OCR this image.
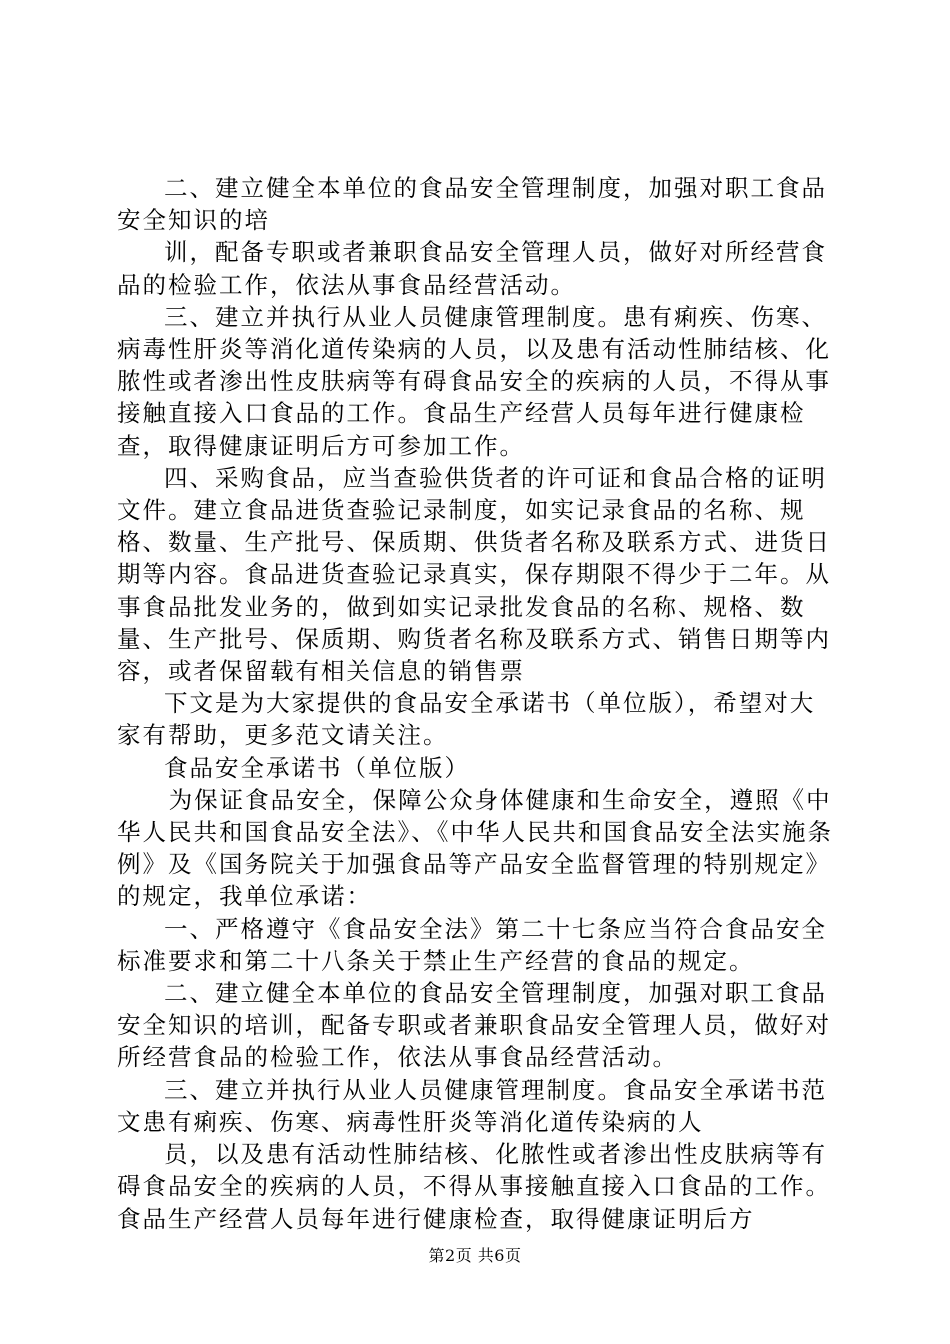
二、建立健全本单位的食品安全管理制度，加强对职工食品安全知识的培

训，配备专职或者兼职食品安全管理人员，做好对所经营食品的检验工作，依法从事食品经营活动。

三、建立并执行从业人员健康管理制度。患有痢疾、伤寒、病毒性肝炎等消化道传染病的人员，以及患有活动性肺结核、化脓性或者渗出性皮肤病等有碍食品安全的疾病的人员，不得从事接触直接入口食品的工作。食品生产经营人员每年进行健康检查，取得健康证明后方可参加工作。

四、采购食品，应当查验供货者的许可证和食品合格的证明文件。建立食品进货查验记录制度，如实记录食品的名称、规格、数量、生产批号、保质期、供货者名称及联系方式、进货日期等内容。食品进货查验记录真实，保存期限不得少于二年。从事食品批发业务的，做到如实记录批发食品的名称、规格、数量、生产批号、保质期、购货者名称及联系方式、销售日期等内容，或者保留载有相关信息的销售票

下文是为大家提供的食品安全承诺书（单位版），希望对大家有帮助，更多范文请关注。

食品安全承诺书（单位版）

为保证食品安全，保障公众身体健康和生命安全，遵照《中华人民共和国食品安全法》、《中华人民共和国食品安全法实施条例》及《国务院关于加强食品等产品安全监督管理的特别规定》的规定，我单位承诺：

一、严格遵守《食品安全法》第二十七条应当符合食品安全标准要求和第二十八条关于禁止生产经营的食品的规定。

二、建立健全本单位的食品安全管理制度，加强对职工食品安全知识的培训，配备专职或者兼职食品安全管理人员，做好对所经营食品的检验工作，依法从事食品经营活动。

三、建立并执行从业人员健康管理制度。食品安全承诺书范文患有痢疾、伤寒、病毒性肝炎等消化道传染病的人

员，以及患有活动性肺结核、化脓性或者渗出性皮肤病等有碍食品安全的疾病的人员，不得从事接触直接入口食品的工作。食品生产经营人员每年进行健康检查，取得健康证明后方

第2页 共6页
